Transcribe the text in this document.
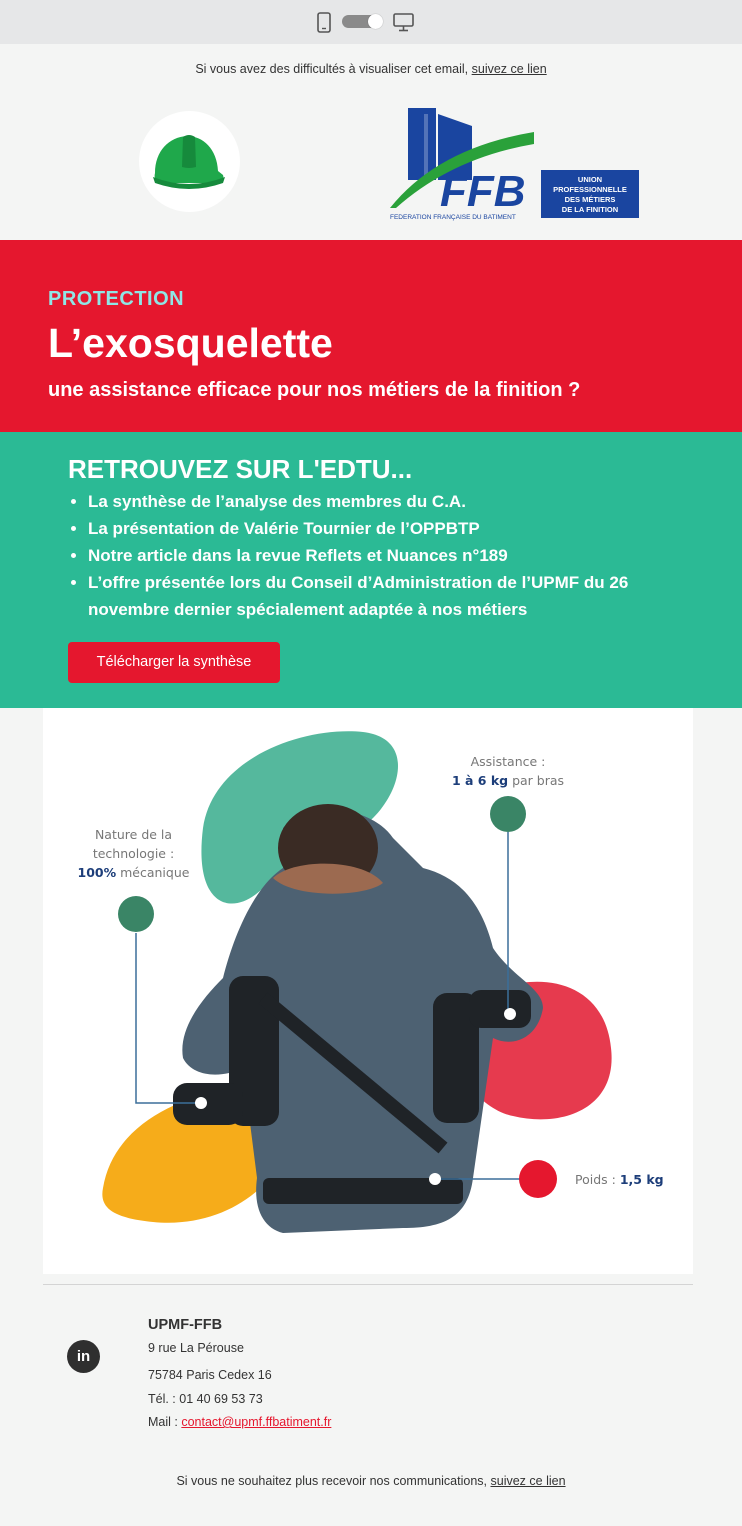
Si vous avez des difficultés à visualiser cet email, suivez ce lien
FFB
FEDERATION FRANÇAISE DU BATIMENT
UNION
PROFESSIONNELLE
DES MÉTIERS
DE LA FINITION
PROTECTION
L’exosquelette
une assistance efficace pour nos métiers de la finition ?
RETROUVEZ SUR L'EDTU...
• La synthèse de l’analyse des membres du C.A.
• La présentation de Valérie Tournier de l’OPPBTP
• Notre article dans la revue Reflets et Nuances n°189
• L’offre présentée lors du Conseil d’Administration de l’UPMF du 26 novembre dernier spécialement adaptée à nos métiers
Télécharger la synthèse
Nature de la
technologie :
100% mécanique
Assistance :
1 à 6 kg par bras
Poids : 1,5 kg
in
UPMF-FFB
9 rue La Pérouse
75784 Paris Cedex 16
Tél. : 01 40 69 53 73
Mail : contact@upmf.ffbatiment.fr
Si vous ne souhaitez plus recevoir nos communications, suivez ce lien
